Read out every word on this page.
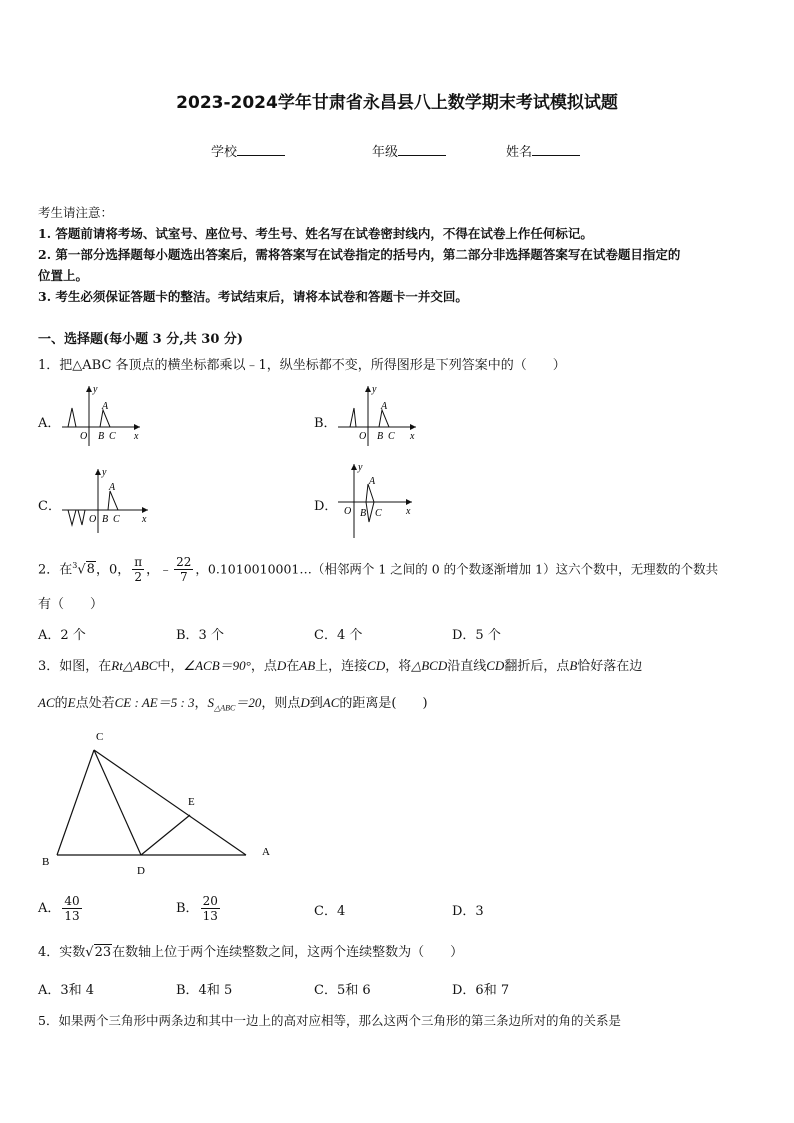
2023-2024学年甘肃省永昌县八上数学期末考试模拟试题
学校	年级	姓名
考生请注意：
1. 答题前请将考场、试室号、座位号、考生号、姓名写在试卷密封线内，不得在试卷上作任何标记。
2. 第一部分选择题每小题选出答案后，需将答案写在试卷指定的括号内，第二部分非选择题答案写在试卷题目指定的
位置上。
3. 考生必须保证答题卡的整洁。考试结束后，请将本试卷和答题卡一并交回。
一、选择题(每小题 3 分,共 30 分)
1．把△ABC 各顶点的横坐标都乘以﹣1，纵坐标都不变，所得图形是下列答案中的（　　）
A．
y
x
O
A
B C
B．
y
x
O
A
B C
C．
y
x
O
A
B C
D．
y
x
O
A
B C
2．在$^3$√8，0， $\frac{\pi}{2}$ ，﹣ $\frac{22}{7}$ ，0.1010010001…（相邻两个 1 之间的 0 的个数逐渐增加 1）这六个数中，无理数的个数共
有（　　）
A．2 个	B．3 个	C．4 个	D．5 个
3．如图，在Rt△ABC中，∠ACB＝90°，点D在AB上，连接CD，将△BCD沿直线CD翻折后，点B恰好落在边
AC的E点处若CE : AE＝5 : 3，$S_{\triangle ABC}=20$，则点D到AC的距离是(　　)
C
E
B
D
A
A． $\frac{40}{13}$	B． $\frac{20}{13}$	C．4	D．3
4．实数√23在数轴上位于两个连续整数之间，这两个连续整数为（　　）
A．3和 4	B．4和 5	C．5和 6	D．6和 7
5．如果两个三角形中两条边和其中一边上的高对应相等，那么这两个三角形的第三条边所对的角的关系是
